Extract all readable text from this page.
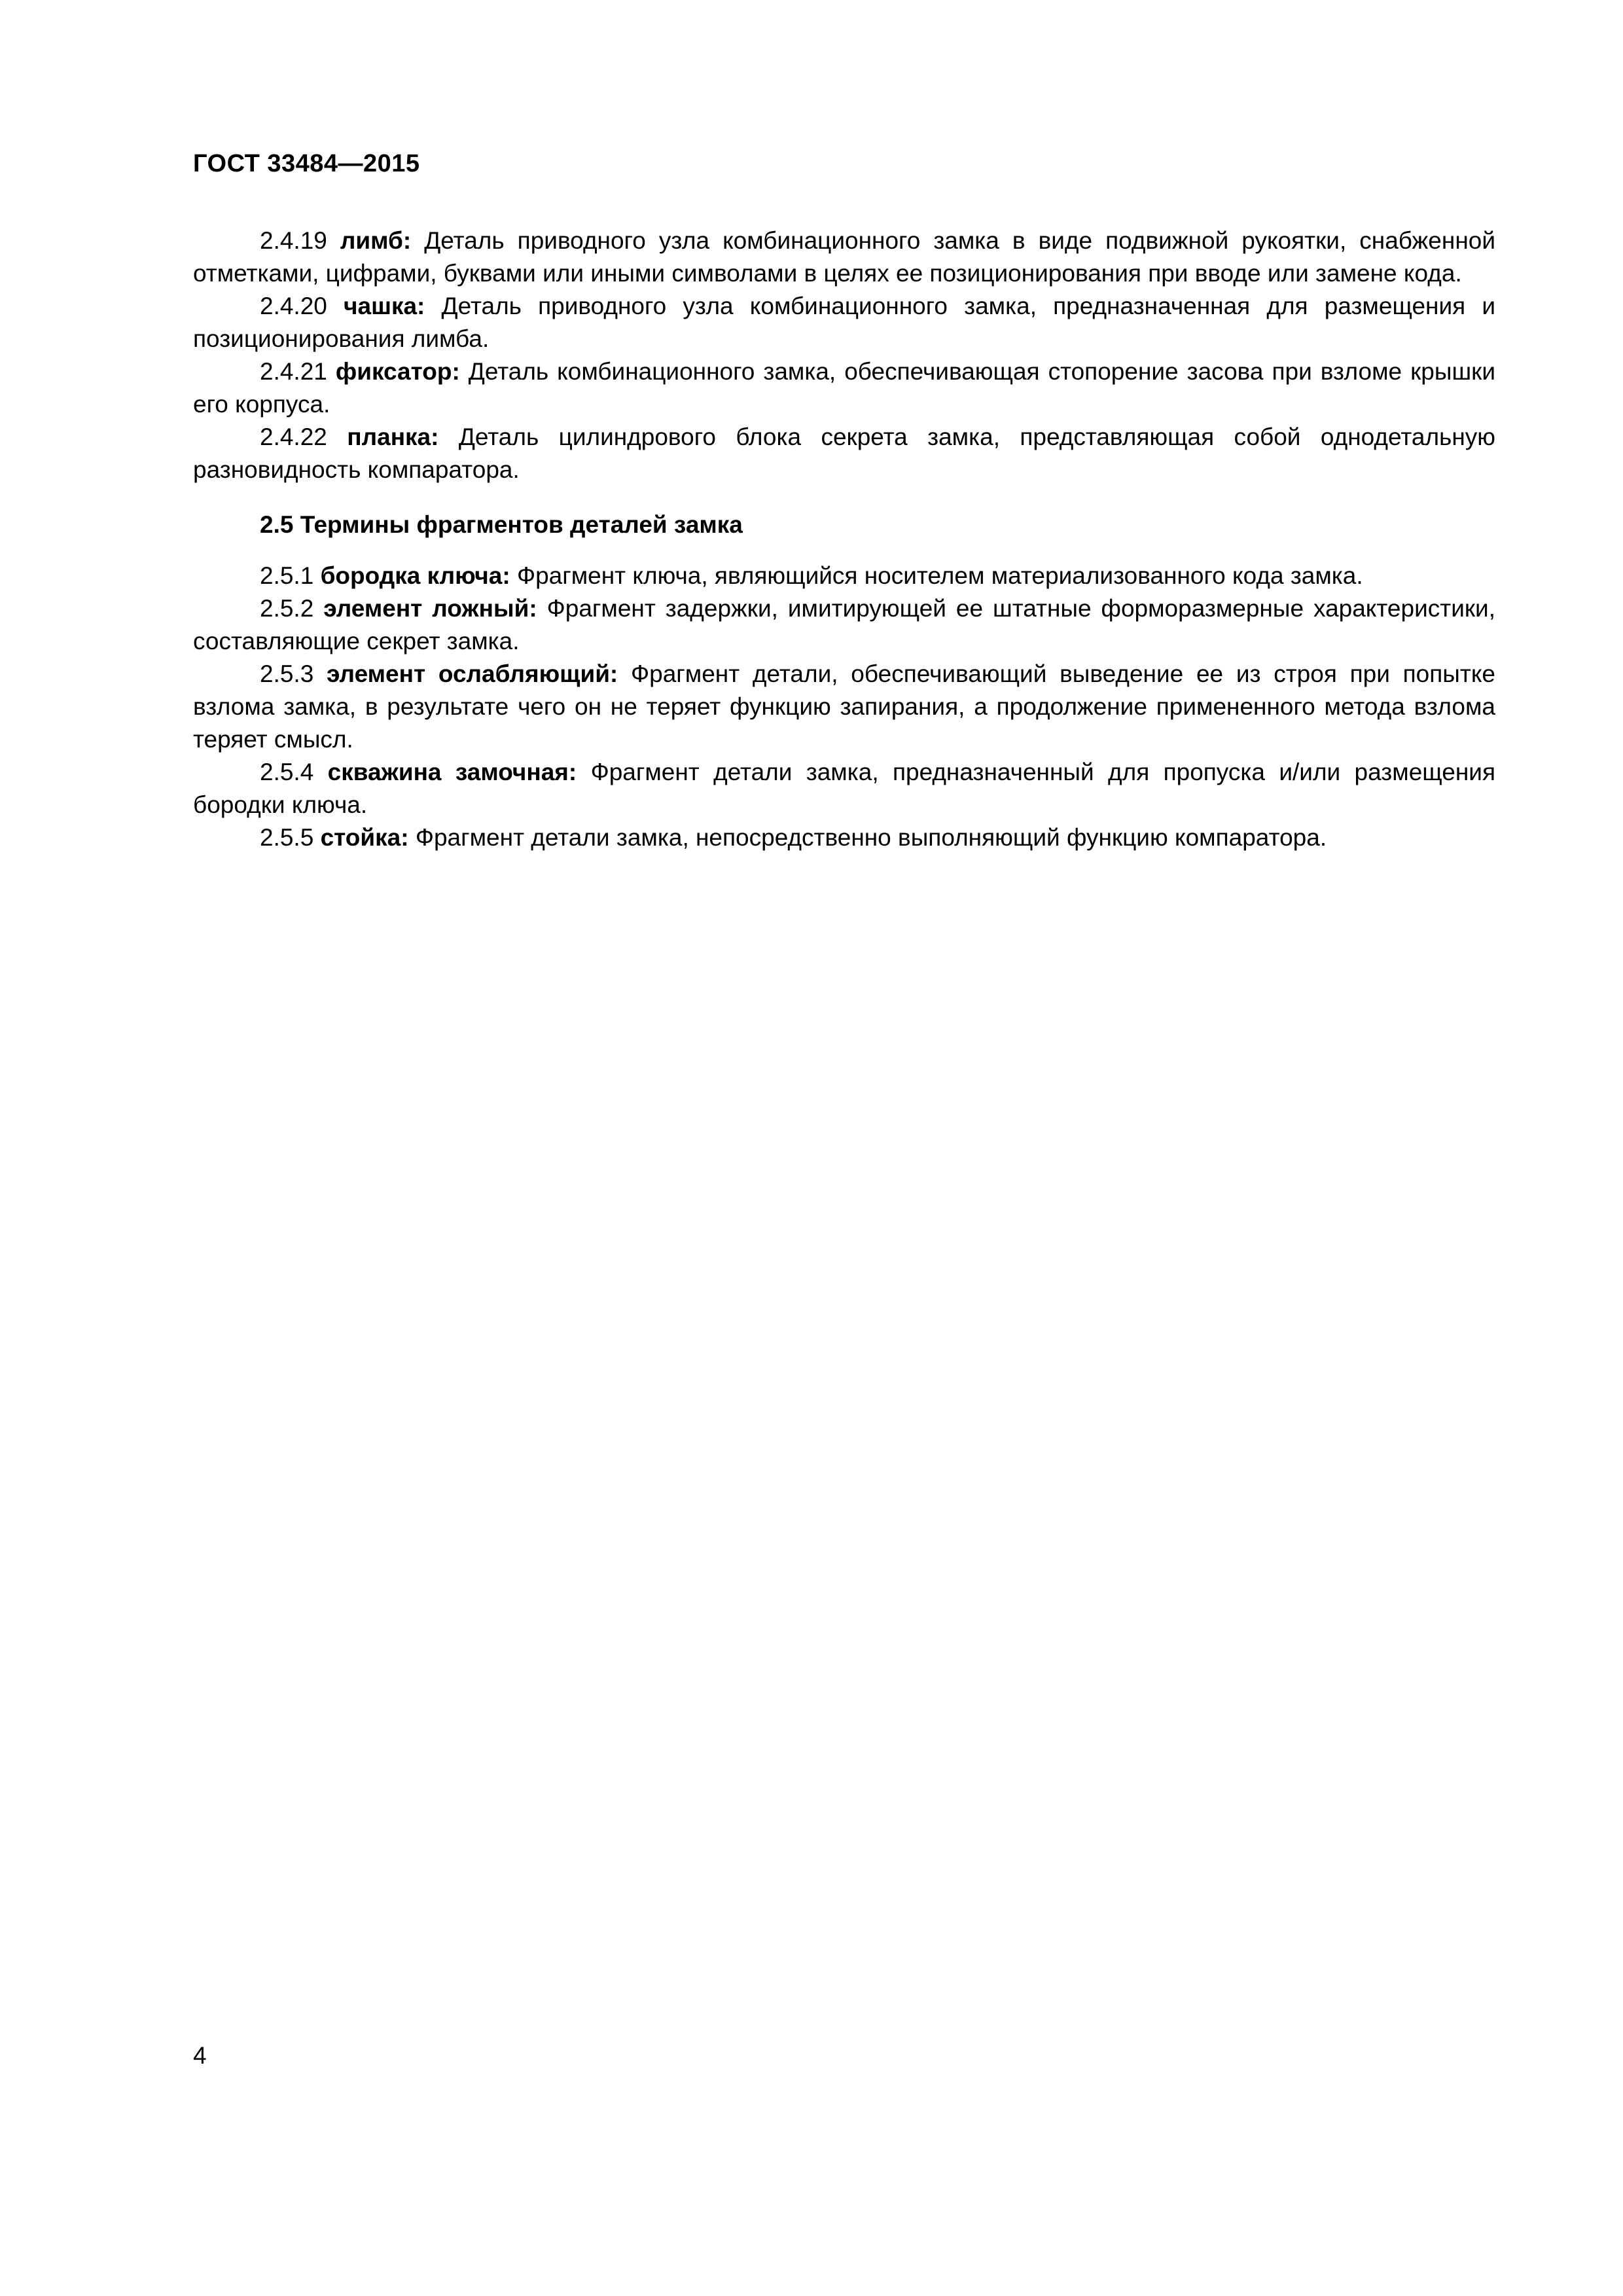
ГОСТ 33484—2015

2.4.19 лимб: Деталь приводного узла комбинационного замка в виде подвижной рукоятки, снабженной отметками, цифрами, буквами или иными символами в целях ее позиционирования при вводе или замене кода.

2.4.20 чашка: Деталь приводного узла комбинационного замка, предназначенная для размещения и позиционирования лимба.

2.4.21 фиксатор: Деталь комбинационного замка, обеспечивающая стопорение засова при взломе крышки его корпуса.

2.4.22 планка: Деталь цилиндрового блока секрета замка, представляющая собой однодетальную разновидность компаратора.

2.5 Термины фрагментов деталей замка

2.5.1 бородка ключа: Фрагмент ключа, являющийся носителем материализованного кода замка.

2.5.2 элемент ложный: Фрагмент задержки, имитирующей ее штатные форморазмерные характеристики, составляющие секрет замка.

2.5.3 элемент ослабляющий: Фрагмент детали, обеспечивающий выведение ее из строя при попытке взлома замка, в результате чего он не теряет функцию запирания, а продолжение примененного метода взлома теряет смысл.

2.5.4 скважина замочная: Фрагмент детали замка, предназначенный для пропуска и/или размещения бородки ключа.

2.5.5 стойка: Фрагмент детали замка, непосредственно выполняющий функцию компаратора.

4
